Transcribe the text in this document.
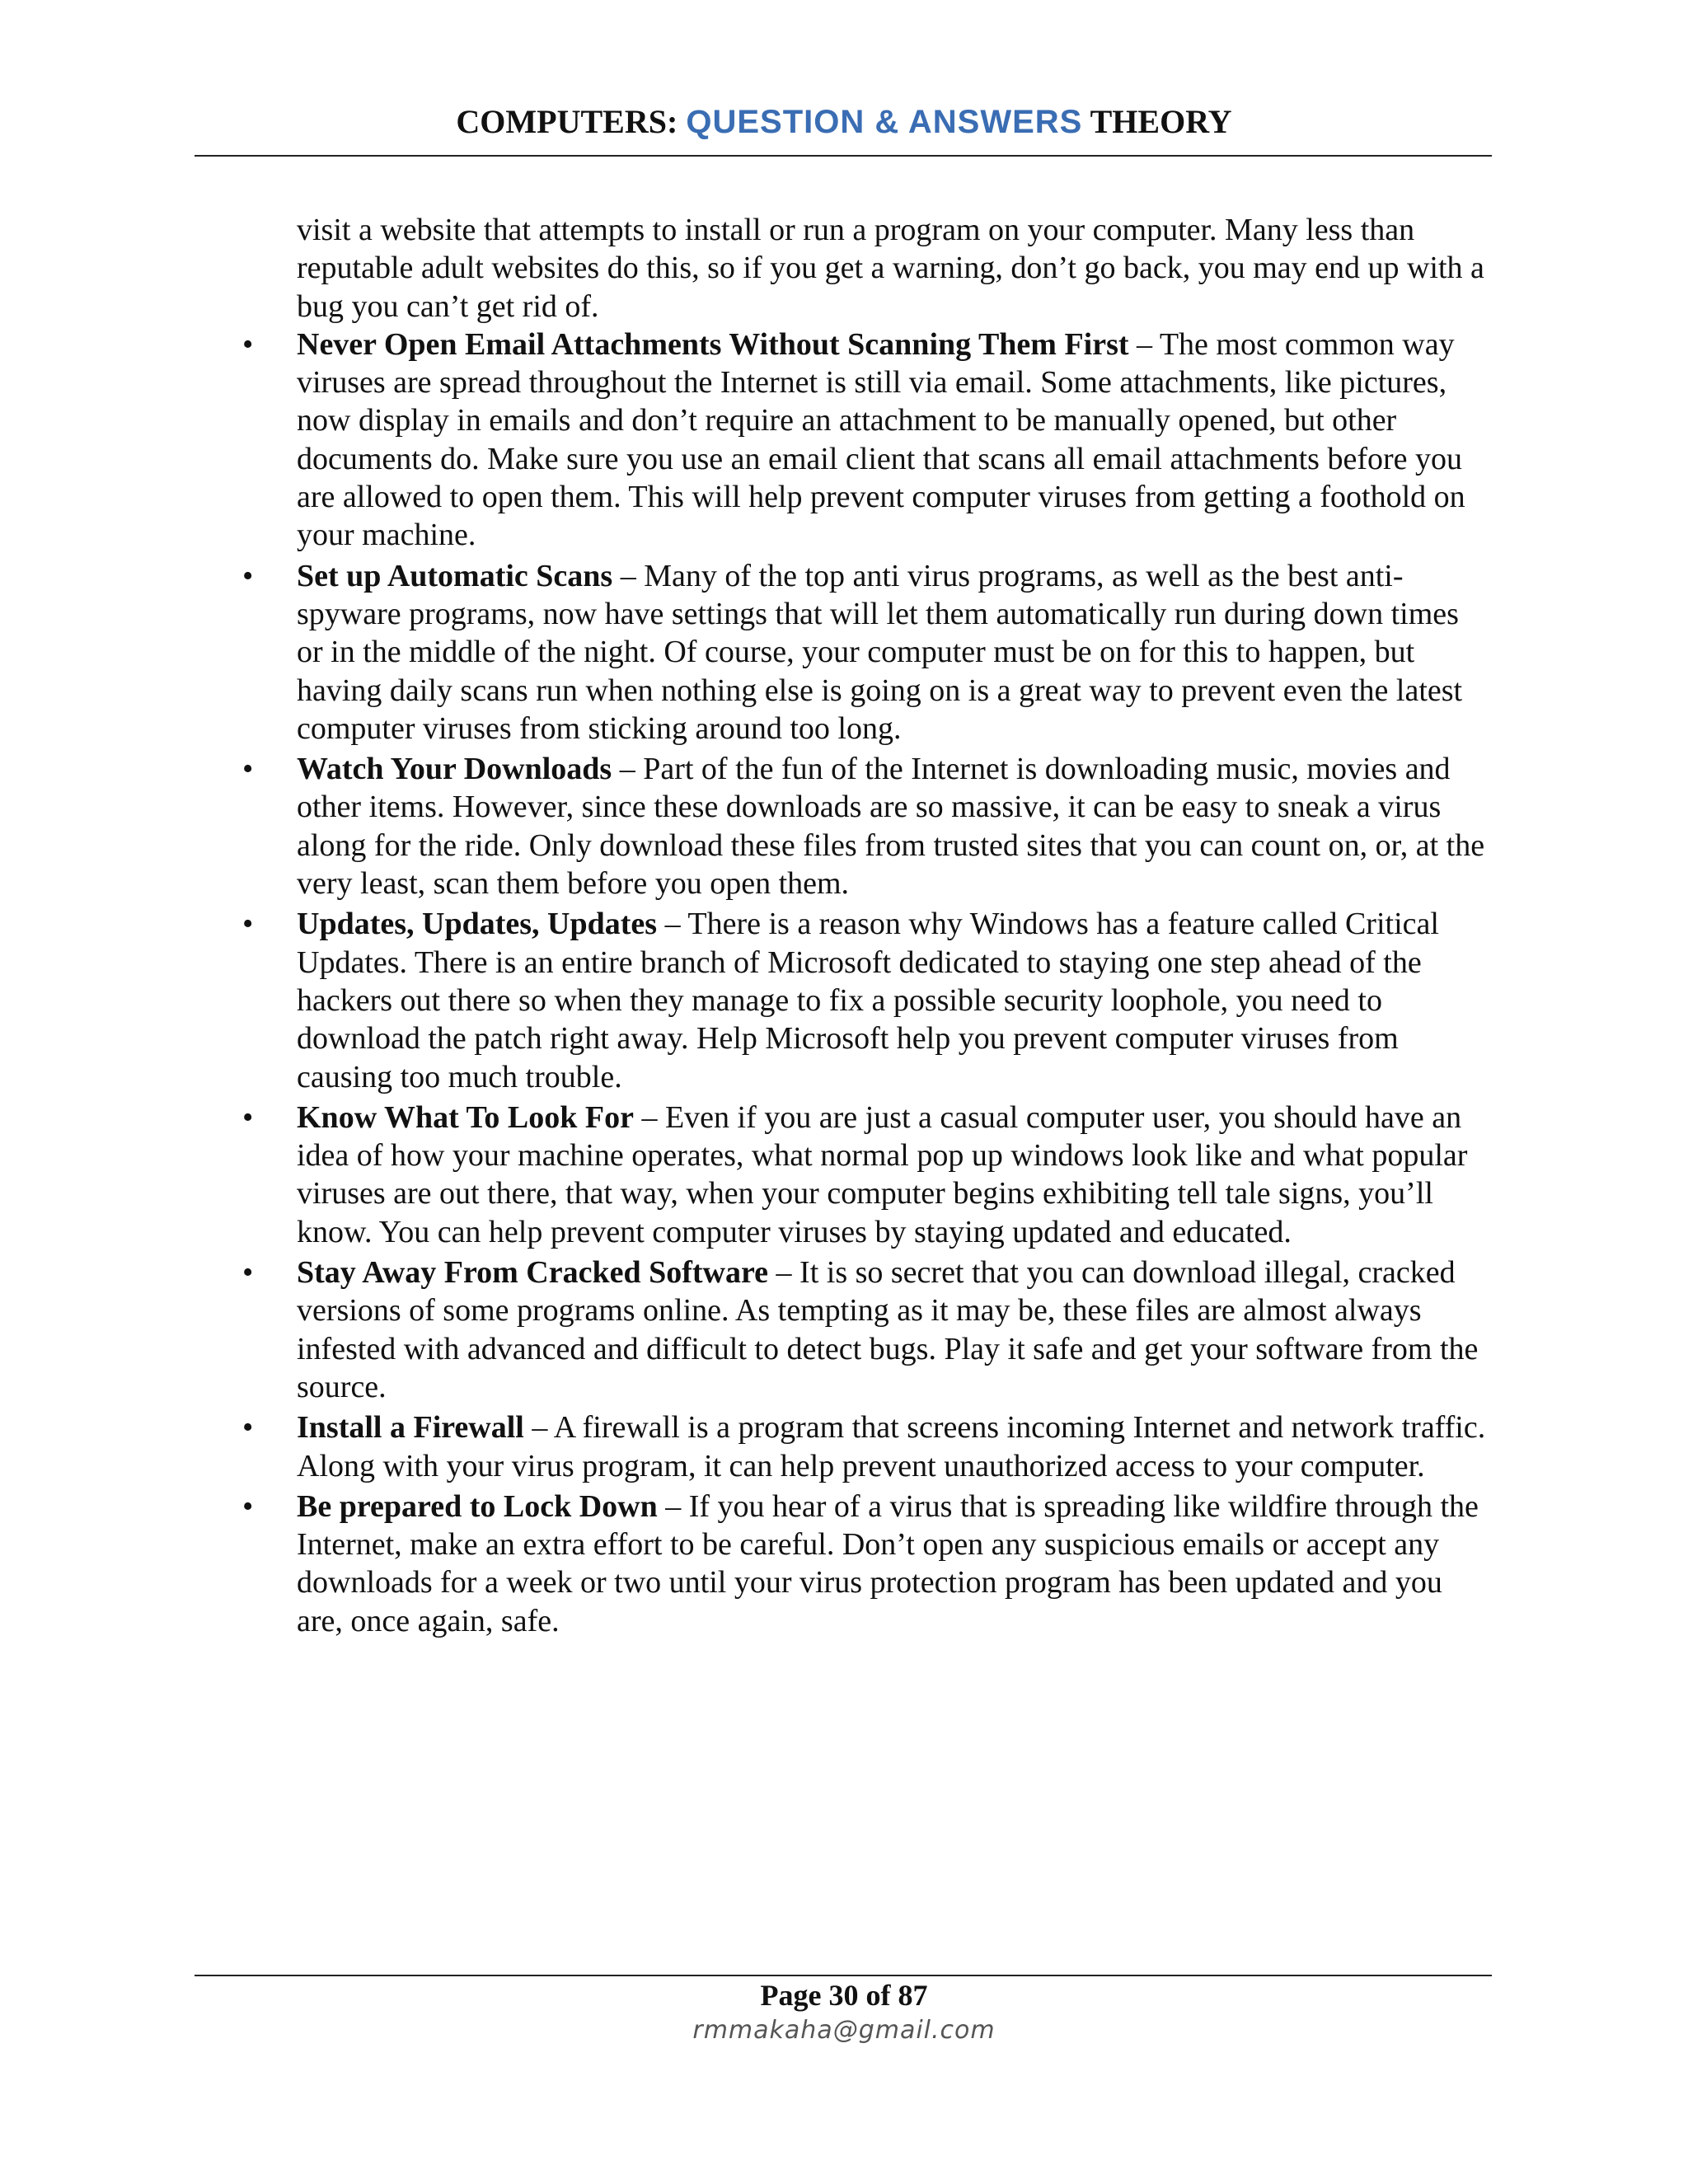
COMPUTERS: QUESTION & ANSWERS THEORY

visit a website that attempts to install or run a program on your computer. Many less than reputable adult websites do this, so if you get a warning, don’t go back, you may end up with a bug you can’t get rid of.

• Never Open Email Attachments Without Scanning Them First – The most common way viruses are spread throughout the Internet is still via email. Some attachments, like pictures, now display in emails and don’t require an attachment to be manually opened, but other documents do. Make sure you use an email client that scans all email attachments before you are allowed to open them. This will help prevent computer viruses from getting a foothold on your machine.
• Set up Automatic Scans – Many of the top anti virus programs, as well as the best anti-spyware programs, now have settings that will let them automatically run during down times or in the middle of the night. Of course, your computer must be on for this to happen, but having daily scans run when nothing else is going on is a great way to prevent even the latest computer viruses from sticking around too long.
• Watch Your Downloads – Part of the fun of the Internet is downloading music, movies and other items. However, since these downloads are so massive, it can be easy to sneak a virus along for the ride. Only download these files from trusted sites that you can count on, or, at the very least, scan them before you open them.
• Updates, Updates, Updates – There is a reason why Windows has a feature called Critical Updates. There is an entire branch of Microsoft dedicated to staying one step ahead of the hackers out there so when they manage to fix a possible security loophole, you need to download the patch right away. Help Microsoft help you prevent computer viruses from causing too much trouble.
• Know What To Look For – Even if you are just a casual computer user, you should have an idea of how your machine operates, what normal pop up windows look like and what popular viruses are out there, that way, when your computer begins exhibiting tell tale signs, you’ll know. You can help prevent computer viruses by staying updated and educated.
• Stay Away From Cracked Software – It is so secret that you can download illegal, cracked versions of some programs online. As tempting as it may be, these files are almost always infested with advanced and difficult to detect bugs. Play it safe and get your software from the source.
• Install a Firewall – A firewall is a program that screens incoming Internet and network traffic. Along with your virus program, it can help prevent unauthorized access to your computer.
• Be prepared to Lock Down – If you hear of a virus that is spreading like wildfire through the Internet, make an extra effort to be careful. Don’t open any suspicious emails or accept any downloads for a week or two until your virus protection program has been updated and you are, once again, safe.
Page 30 of 87
rmmakaha@gmail.com
